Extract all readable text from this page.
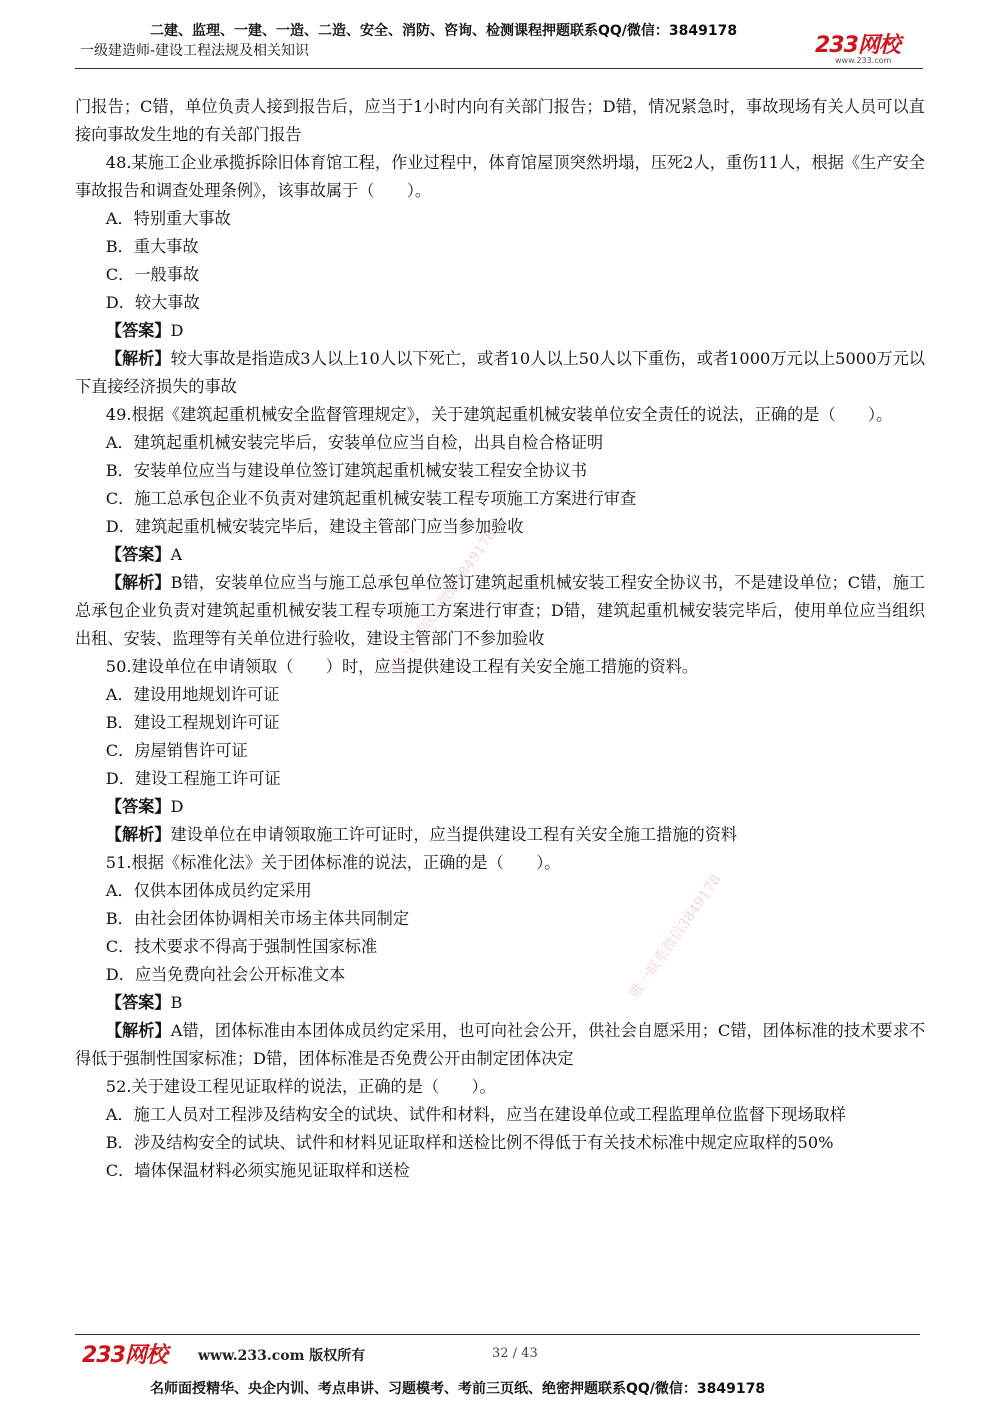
二建、监理、一建、一造、二造、安全、消防、咨询、检测课程押题联系QQ/微信：3849178
一级建造师-建设工程法规及相关知识	233网校
www.233.com
唯一押题联系微信3849178
唯一联系微信3849178

门报告；C错，单位负责人接到报告后，应当于1小时内向有关部门报告；D错，情况紧急时，事故现场有关人员可以直接向事故发生地的有关部门报告

48.某施工企业承揽拆除旧体育馆工程，作业过程中，体育馆屋顶突然坍塌，压死2人，重伤11人，根据《生产安全事故报告和调查处理条例》，该事故属于（　　）。

A．特别重大事故

B．重大事故

C．一般事故

D．较大事故

【答案】D

【解析】较大事故是指造成3人以上10人以下死亡，或者10人以上50人以下重伤，或者1000万元以上5000万元以下直接经济损失的事故

49.根据《建筑起重机械安全监督管理规定》，关于建筑起重机械安装单位安全责任的说法，正确的是（　　）。

A．建筑起重机械安装完毕后，安装单位应当自检，出具自检合格证明

B．安装单位应当与建设单位签订建筑起重机械安装工程安全协议书

C．施工总承包企业不负责对建筑起重机械安装工程专项施工方案进行审查

D．建筑起重机械安装完毕后，建设主管部门应当参加验收

【答案】A

【解析】B错，安装单位应当与施工总承包单位签订建筑起重机械安装工程安全协议书，不是建设单位；C错，施工总承包企业负责对建筑起重机械安装工程专项施工方案进行审查；D错，建筑起重机械安装完毕后，使用单位应当组织出租、安装、监理等有关单位进行验收，建设主管部门不参加验收

50.建设单位在申请领取（　　）时，应当提供建设工程有关安全施工措施的资料。

A．建设用地规划许可证

B．建设工程规划许可证

C．房屋销售许可证

D．建设工程施工许可证

【答案】D

【解析】建设单位在申请领取施工许可证时，应当提供建设工程有关安全施工措施的资料

51.根据《标准化法》关于团体标准的说法，正确的是（　　）。

A．仅供本团体成员约定采用

B．由社会团体协调相关市场主体共同制定

C．技术要求不得高于强制性国家标准

D．应当免费向社会公开标准文本

【答案】B

【解析】A错，团体标准由本团体成员约定采用，也可向社会公开，供社会自愿采用；C错，团体标准的技术要求不得低于强制性国家标准；D错，团体标准是否免费公开由制定团体决定

52.关于建设工程见证取样的说法，正确的是（　　）。

A．施工人员对工程涉及结构安全的试块、试件和材料，应当在建设单位或工程监理单位监督下现场取样

B．涉及结构安全的试块、试件和材料见证取样和送检比例不得低于有关技术标准中规定应取样的50%

C．墙体保温材料必须实施见证取样和送检

233网校 www.233.com 版权所有	32 / 43
名师面授精华、央企内训、考点串讲、习题模考、考前三页纸、绝密押题联系QQ/微信：3849178
